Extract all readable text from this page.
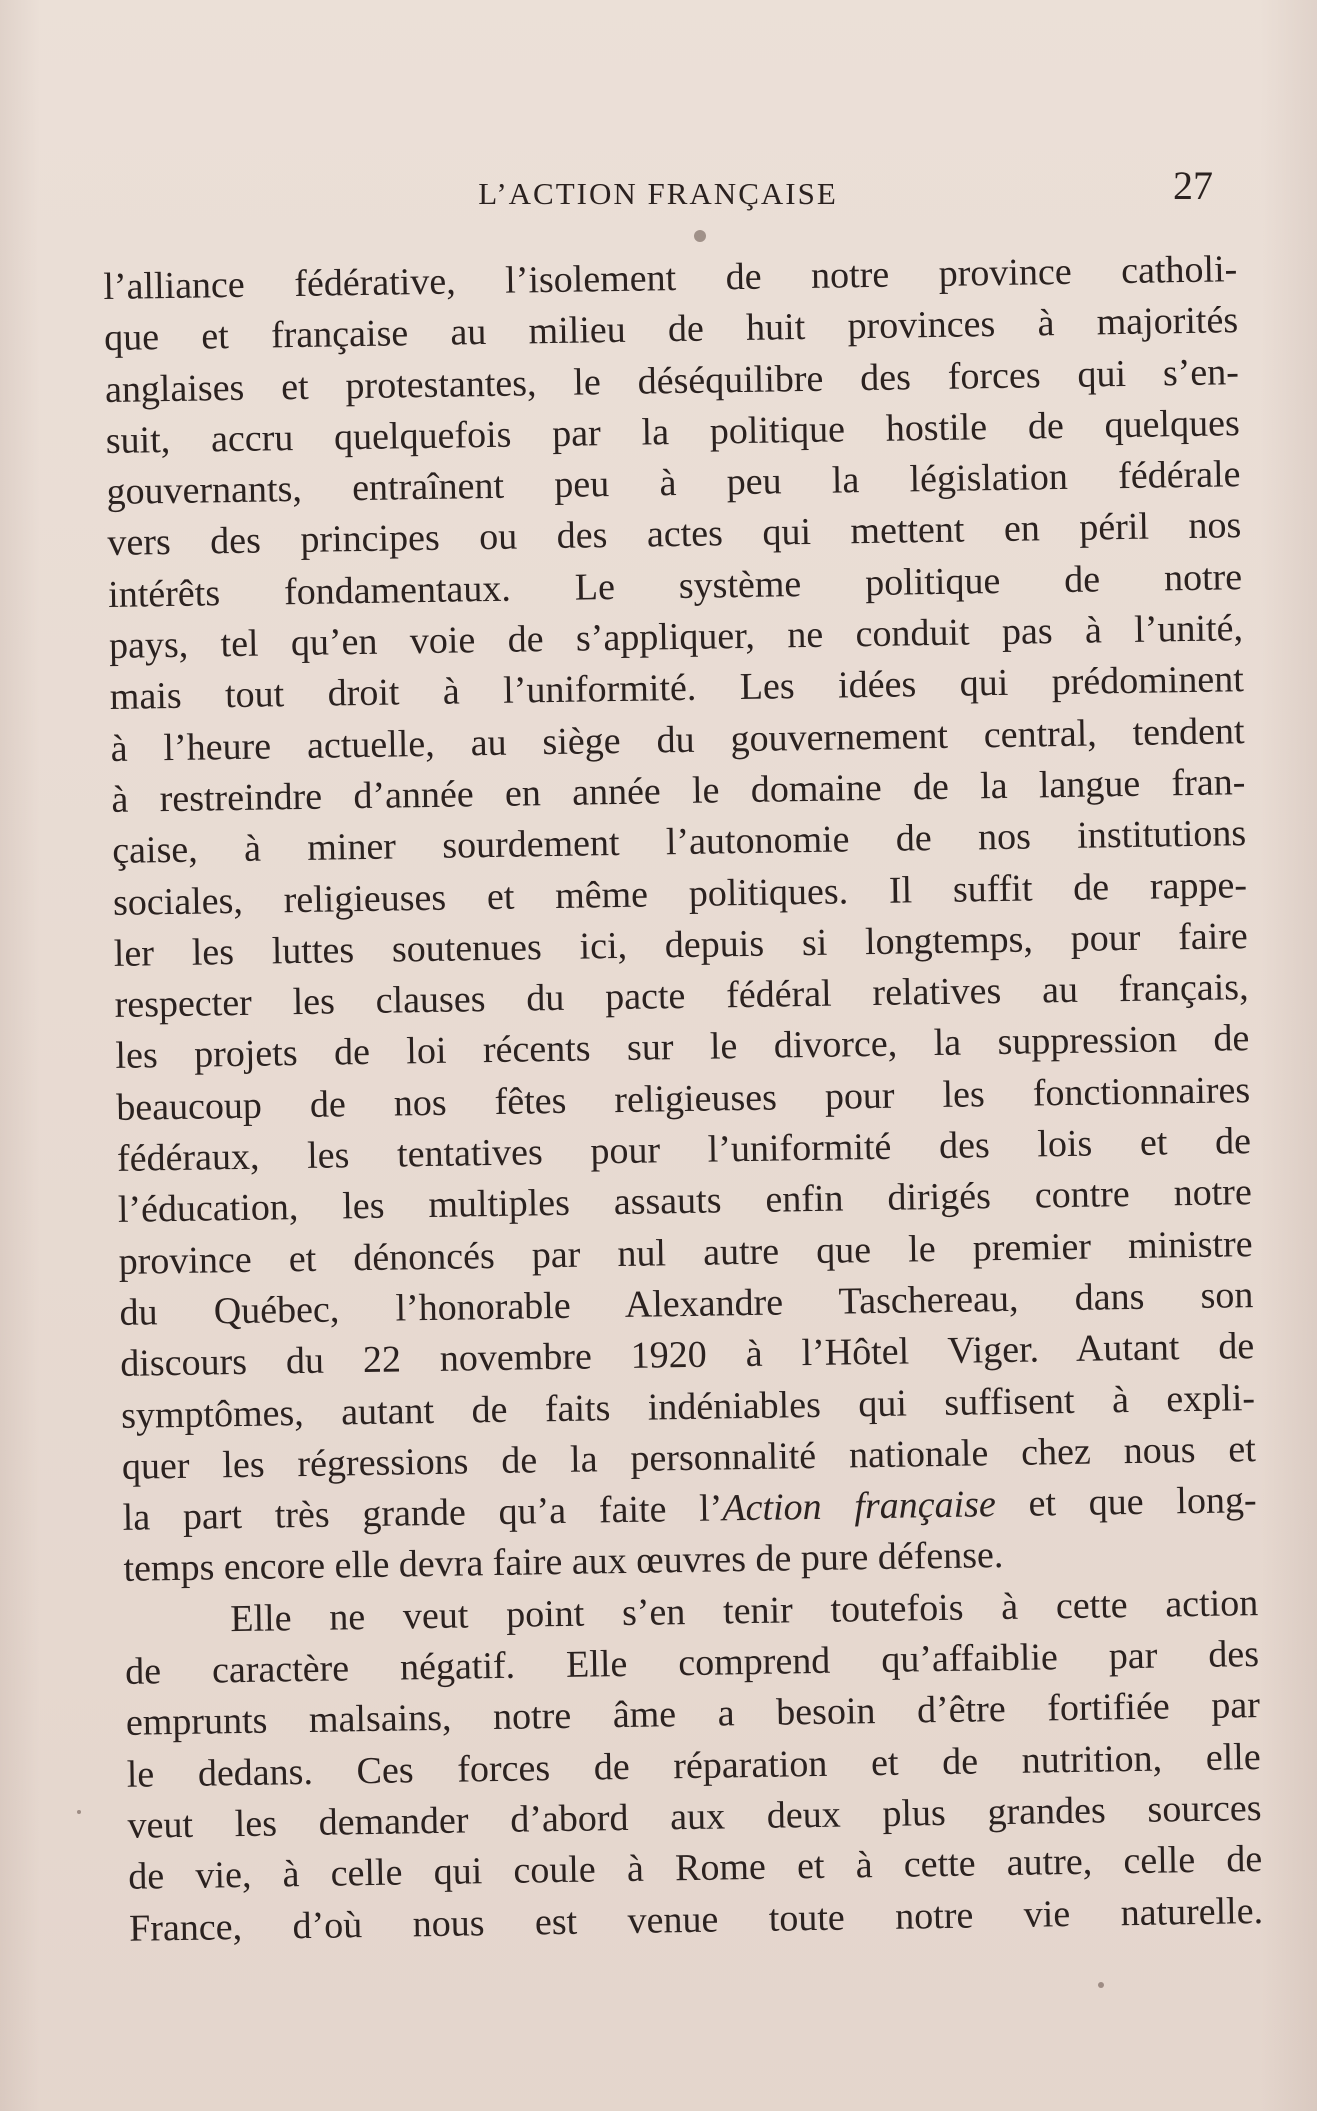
L’ACTION FRANÇAISE	27
l’alliance fédérative, l’isolement de notre province catholi-
que et française au milieu de huit provinces à majorités
anglaises et protestantes, le déséquilibre des forces qui s’en-
suit, accru quelquefois par la politique hostile de quelques
gouvernants, entraînent peu à peu la législation fédérale
vers des principes ou des actes qui mettent en péril nos
intérêts fondamentaux. Le système politique de notre
pays, tel qu’en voie de s’appliquer, ne conduit pas à l’unité,
mais tout droit à l’uniformité. Les idées qui prédominent
à l’heure actuelle, au siège du gouvernement central, tendent
à restreindre d’année en année le domaine de la langue fran-
çaise, à miner sourdement l’autonomie de nos institutions
sociales, religieuses et même politiques. Il suffit de rappe-
ler les luttes soutenues ici, depuis si longtemps, pour faire
respecter les clauses du pacte fédéral relatives au français,
les projets de loi récents sur le divorce, la suppression de
beaucoup de nos fêtes religieuses pour les fonctionnaires
fédéraux, les tentatives pour l’uniformité des lois et de
l’éducation, les multiples assauts enfin dirigés contre notre
province et dénoncés par nul autre que le premier ministre
du Québec, l’honorable Alexandre Taschereau, dans son
discours du 22 novembre 1920 à l’Hôtel Viger. Autant de
symptômes, autant de faits indéniables qui suffisent à expli-
quer les régressions de la personnalité nationale chez nous et
la part très grande qu’a faite l’Action française et que long-
temps encore elle devra faire aux œuvres de pure défense.
Elle ne veut point s’en tenir toutefois à cette action
de caractère négatif. Elle comprend qu’affaiblie par des
emprunts malsains, notre âme a besoin d’être fortifiée par
le dedans. Ces forces de réparation et de nutrition, elle
veut les demander d’abord aux deux plus grandes sources
de vie, à celle qui coule à Rome et à cette autre, celle de
France, d’où nous est venue toute notre vie naturelle.
